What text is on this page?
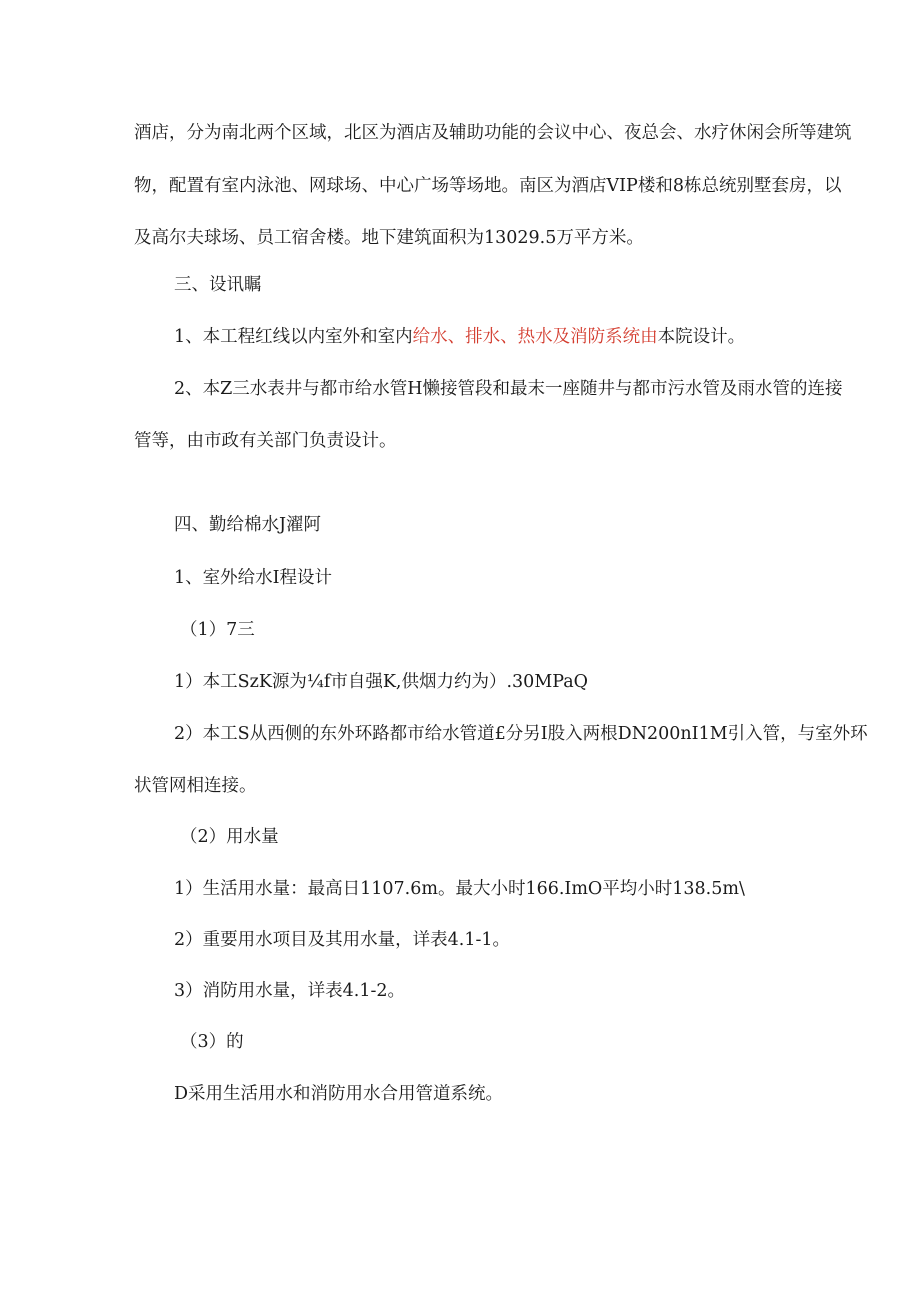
酒店，分为南北两个区域，北区为酒店及辅助功能的会议中心、夜总会、水疗休闲会所等建筑
物，配置有室内泳池、网球场、中心广场等场地。南区为酒店VIP楼和8栋总统别墅套房，以
及高尔夫球场、员工宿舍楼。地下建筑面积为13029.5万平方米。
三、设讯瞩
1、本工程红线以内室外和室内给水、排水、热水及消防系统由本院设计。
2、本Z三水表井与都市给水管H懒接管段和最末一座随井与都市污水管及雨水管的连接
管等，由市政有关部门负责设计。
四、勤给棉水J濯阿
1、室外给水I程设计
（1）7三
1）本工SzK源为¼f市自强K,供烟力约为）.30MPaQ
2）本工S从西侧的东外环路都市给水管道£分另I股入两根DN200nI1M引入管，与室外环
状管网相连接。
（2）用水量
1）生活用水量：最高日1107.6m。最大小时166.ImO平均小时138.5m\
2）重要用水项目及其用水量，详表4.1-1。
3）消防用水量，详表4.1-2。
（3）的
D采用生活用水和消防用水合用管道系统。
